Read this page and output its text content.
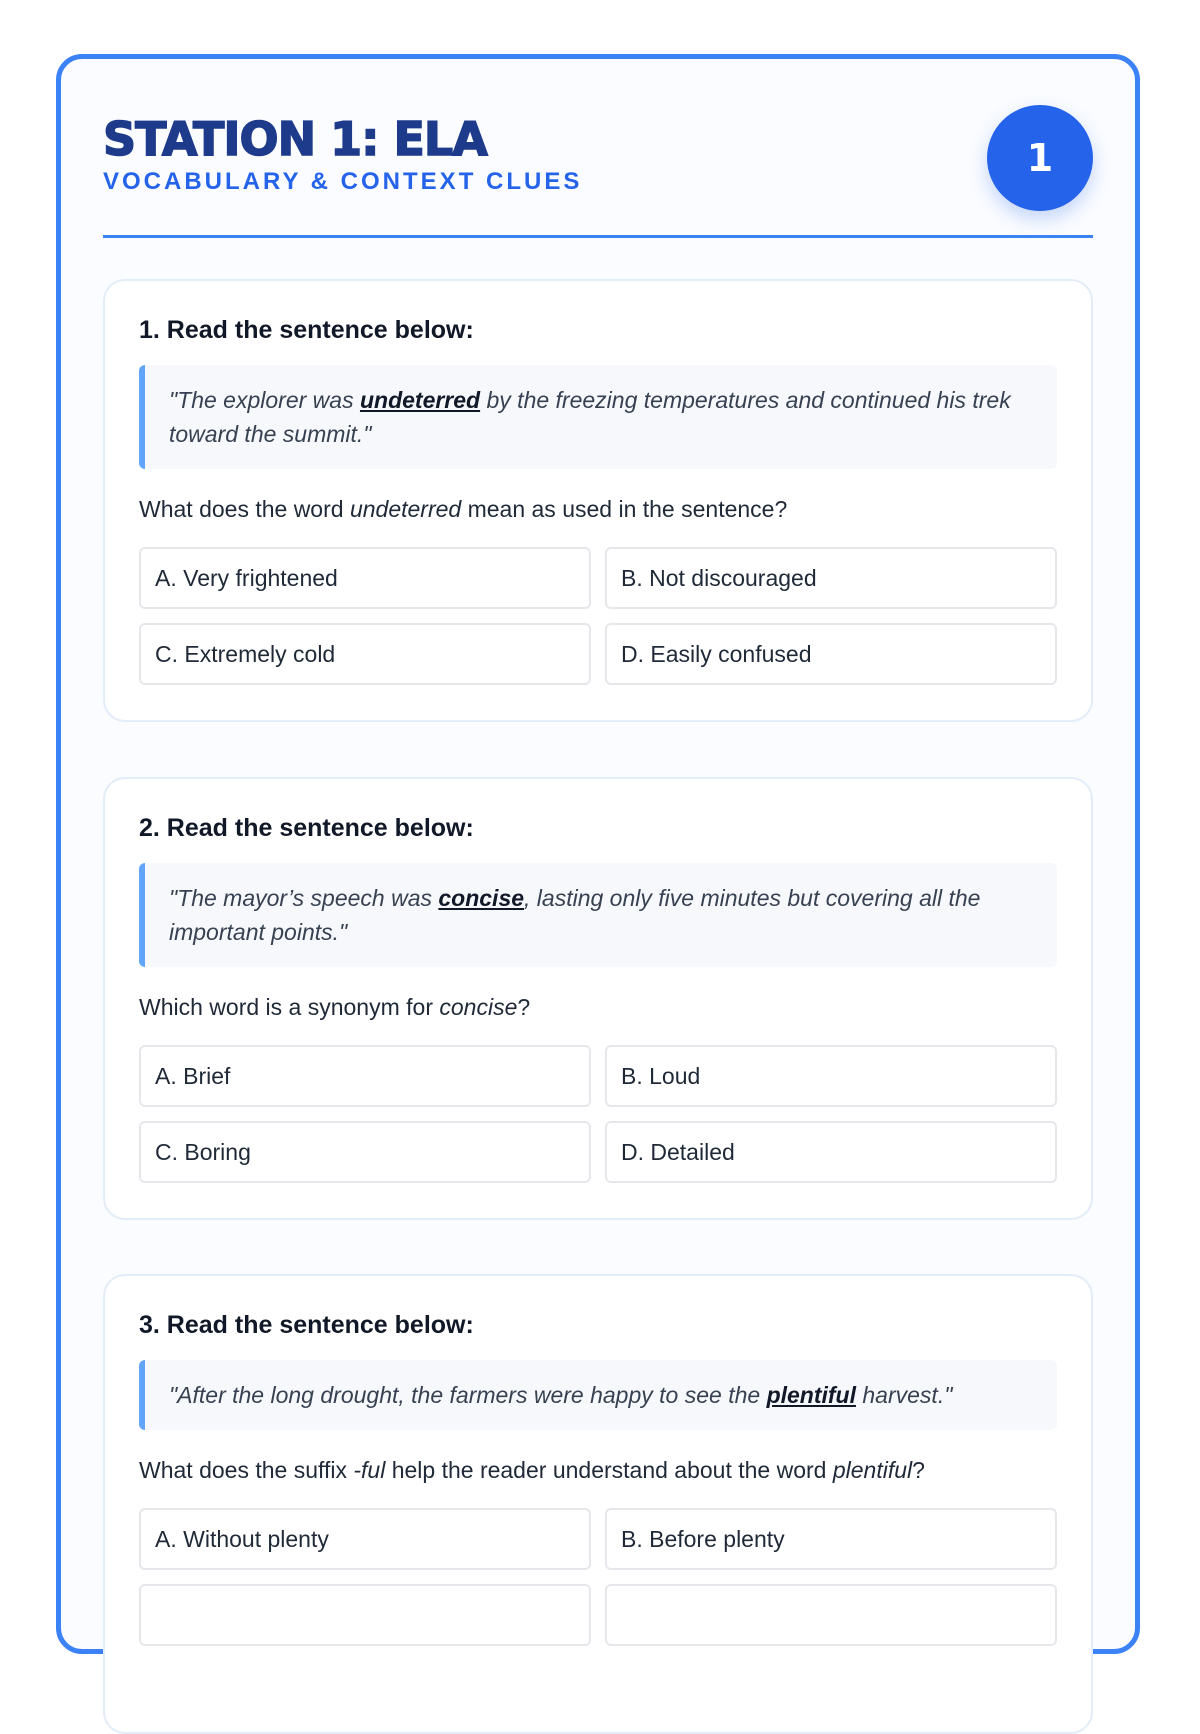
STATION 1: ELA
VOCABULARY & CONTEXT CLUES
1
1. Read the sentence below:
"The explorer was undeterred by the freezing temperatures and continued his trek toward the summit."
What does the word undeterred mean as used in the sentence?
A. Very frightened	B. Not discouraged
C. Extremely cold	D. Easily confused
2. Read the sentence below:
"The mayor’s speech was concise, lasting only five minutes but covering all the important points."
Which word is a synonym for concise?
A. Brief	B. Loud
C. Boring	D. Detailed
3. Read the sentence below:
"After the long drought, the farmers were happy to see the plentiful harvest."
What does the suffix -ful help the reader understand about the word plentiful?
A. Without plenty	B. Before plenty
